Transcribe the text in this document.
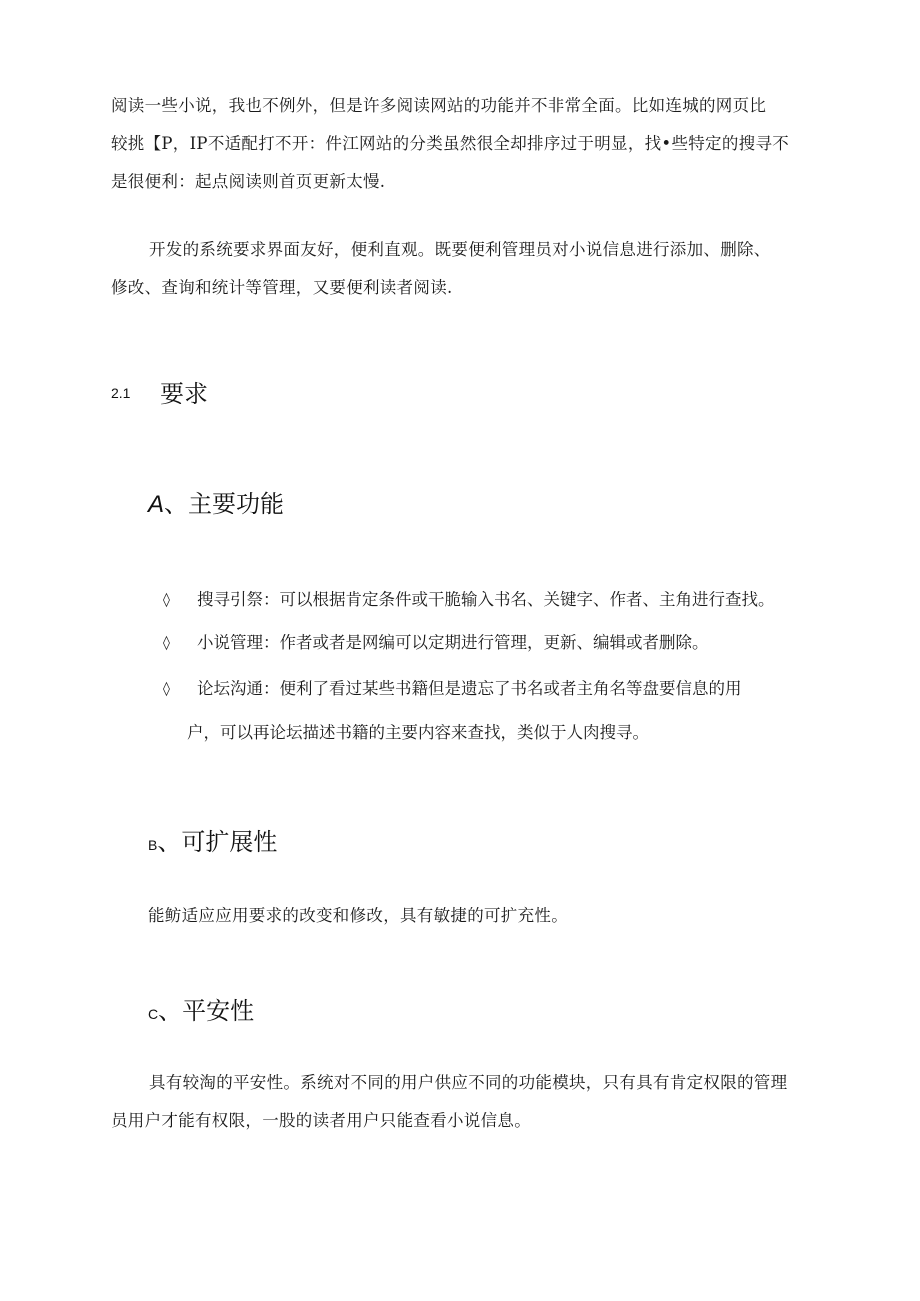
阅读一些小说，我也不例外，但是许多阅读网站的功能并不非常全面。比如连城的网页比
较挑【P，IP不适配打不开：件江网站的分类虽然很全却排序过于明显，找•些特定的搜寻不
是很便利：起点阅读则首页更新太慢.
开发的系统要求界面友好，便利直观。既要便利管理员对小说信息进行添加、删除、
修改、查询和统计等管理，又要便利读者阅读.
2.1 要求
A、主要功能
◊ 搜寻引祭：可以根据肯定条件或干脆输入书名、关键字、作者、主角进行查找。
◊ 小说管理：作者或者是网编可以定期进行管理，更新、编辑或者删除。
◊ 论坛沟通：便利了看过某些书籍但是遗忘了书名或者主角名等盘要信息的用
户，可以再论坛描述书籍的主要内容来查找，类似于人肉搜寻。
B、可扩展性
能鲂适应应用要求的改变和修改，具有敏捷的可扩充性。
C、平安性
具有较淘的平安性。系统对不同的用户供应不同的功能模块，只有具有肯定权限的管理
员用户才能有权限，一股的读者用户只能查看小说信息。
